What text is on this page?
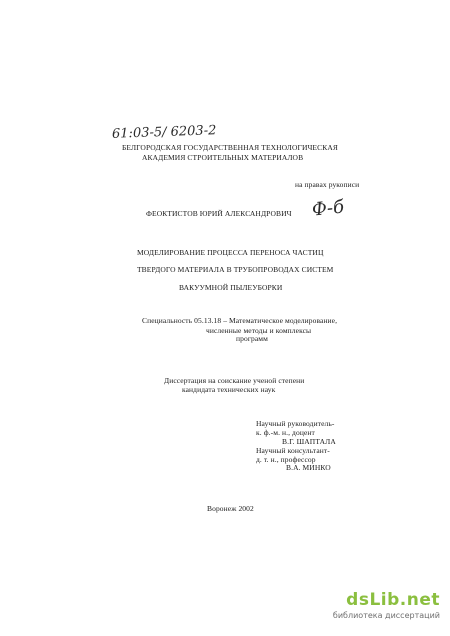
61:03-5/ 6203-2
БЕЛГОРОДСКАЯ ГОСУДАРСТВЕННАЯ ТЕХНОЛОГИЧЕСКАЯ
АКАДЕМИЯ СТРОИТЕЛЬНЫХ МАТЕРИАЛОВ
на правах рукописи
ФЕОКТИСТОВ ЮРИЙ АЛЕКСАНДРОВИЧ Ф-б
МОДЕЛИРОВАНИЕ ПРОЦЕССА ПЕРЕНОСА ЧАСТИЦ
ТВЕРДОГО МАТЕРИАЛА В ТРУБОПРОВОДАХ СИСТЕМ
ВАКУУМНОЙ ПЫЛЕУБОРКИ
Специальность 05.13.18 – Математическое моделирование,
численные методы и комплексы
программ
Диссертация на соискание ученой степени
кандидата технических наук
Научный руководитель-
к. ф.-м. н., доцент
В.Г. ШАПТАЛА
Научный консультант-
д. т. н., профессор
В.А. МИНКО
Воронеж 2002
dsLib.net
библиотека диссертаций
